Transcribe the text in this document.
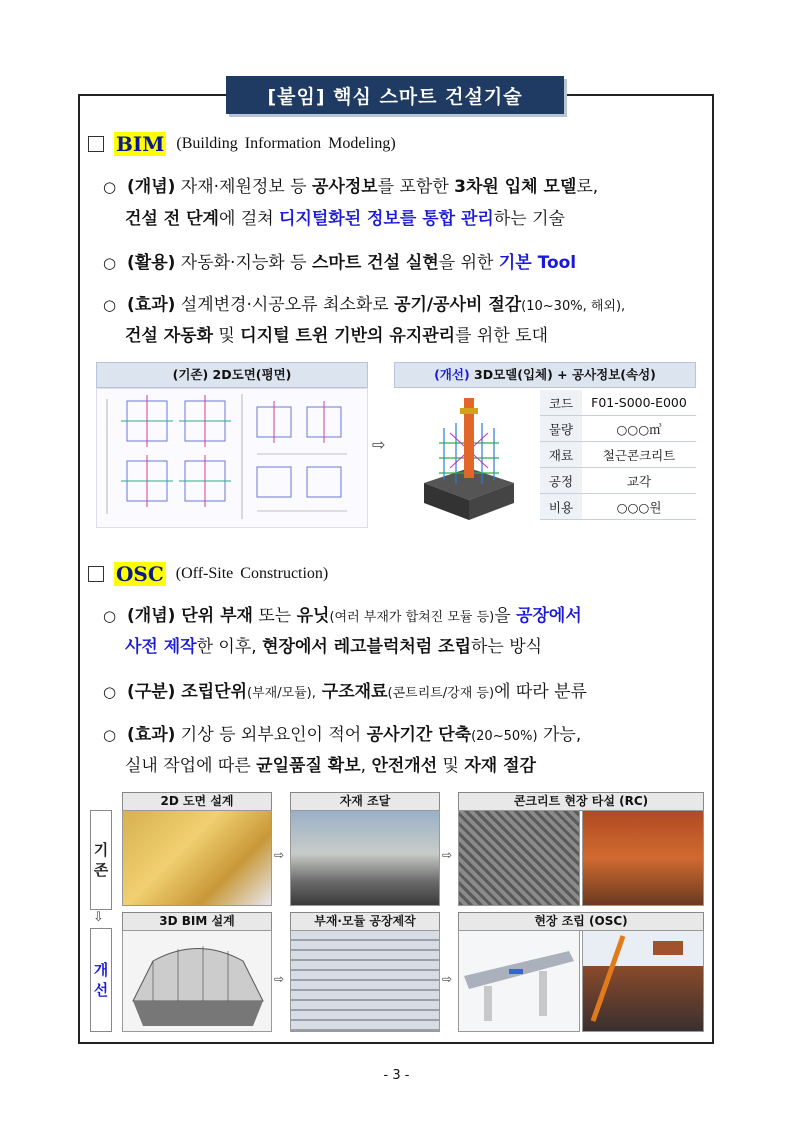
[붙임] 핵심 스마트 건설기술
BIM (Building Information Modeling)
○ (개념) 자재·제원정보 등 공사정보를 포함한 3차원 입체 모델로,
건설 전 단계에 걸쳐 디지털화된 정보를 통합 관리하는 기술
○ (활용) 자동화·지능화 등 스마트 건설 실현을 위한 기본 Tool
○ (효과) 설계변경·시공오류 최소화로 공기/공사비 절감(10~30%, 해외),
건설 자동화 및 디지털 트윈 기반의 유지관리를 위한 토대
(기존) 2D도면(평면)
⇨
(개선) 3D모델(입체) + 공사정보(속성)
코드	F01-S000-E000
물량	○○○㎥
재료	철근콘크리트
공정	교각
비용	○○○원
OSC (Off-Site Construction)
○ (개념) 단위 부재 또는 유닛(여러 부재가 합쳐진 모듈 등)을 공장에서
사전 제작한 이후, 현장에서 레고블럭처럼 조립하는 방식
○ (구분) 조립단위(부재/모듈), 구조재료(콘트리트/강재 등)에 따라 분류
○ (효과) 기상 등 외부요인이 적어 공사기간 단축(20~50%) 가능,
실내 작업에 따른 균일품질 확보, 안전개선 및 자재 절감
기존
2D 도면 설계	자재 조달	콘크리트 현장 타설 (RC)
⇨	⇨
⇩
개선
3D BIM 설계	부재·모듈 공장제작	현장 조립 (OSC)
⇨	⇨
- 3 -
